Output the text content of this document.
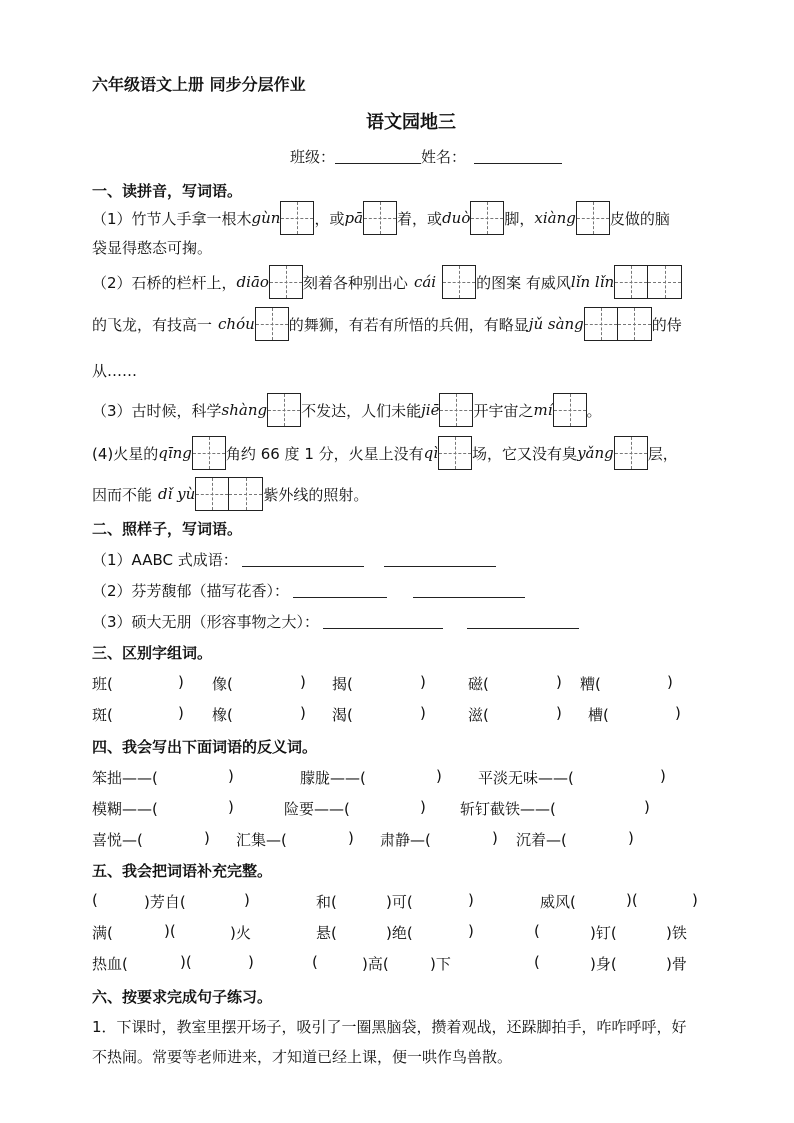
六年级语文上册 同步分层作业
语文园地三
班级：	姓名：
一、读拼音，写词语。
（1）竹节人手拿一根木 gùn ，或 pā 着，或 duò 脚， xiàng 皮做的脑
袋显得憨态可掬。
（2）石桥的栏杆上， diāo 刻着各种别出心 cái	的图案 有威风 lǐn lǐn
的飞龙，有技高一 chóu 的舞狮，有若有所悟的兵佣，有略显 jǔ sàng	的侍
从……
（3）古时候，科学 shàng 不发达，人们未能 jiē 开宇宙之 mí 。
(4)火星的 qīng 角约 66 度 1 分，火星上没有 qì 场，它又没有臭 yǎng 层，
因而不能 dǐ yù	紫外线的照射。
二、照样子，写词语。
（1）AABC 式成语：
（2）芬芳馥郁（描写花香）：
（3）硕大无朋（形容事物之大）：
三、区别字组词。
班(	) 像(	) 揭(	)	磁(	) 糟(	)
斑(	) 橡(	) 渴(	)	滋(	) 槽(	)
四、我会写出下面词语的反义词。
笨拙——(	)	朦胧——(	) 平淡无味——(	)
模糊——(	)	险要——(	) 斩钉截铁——(	)
喜悦—(	) 汇集—(	) 肃静—(	) 沉着—(	)
五、我会把词语补充完整。
(	)芳自(	)	和(	)可(	)	威风(	)(	)
满(	)(	)火	悬(	)绝(	)	(	)钉(	)铁
热血(	)(	)	(	)高(	)下	(	)身(	)骨
六、按要求完成句子练习。
1．下课时，教室里摆开场子，吸引了一圈黑脑袋，攒着观战，还跺脚拍手，咋咋呼呼，好
不热闹。常要等老师进来，才知道已经上课，便一哄作鸟兽散。
